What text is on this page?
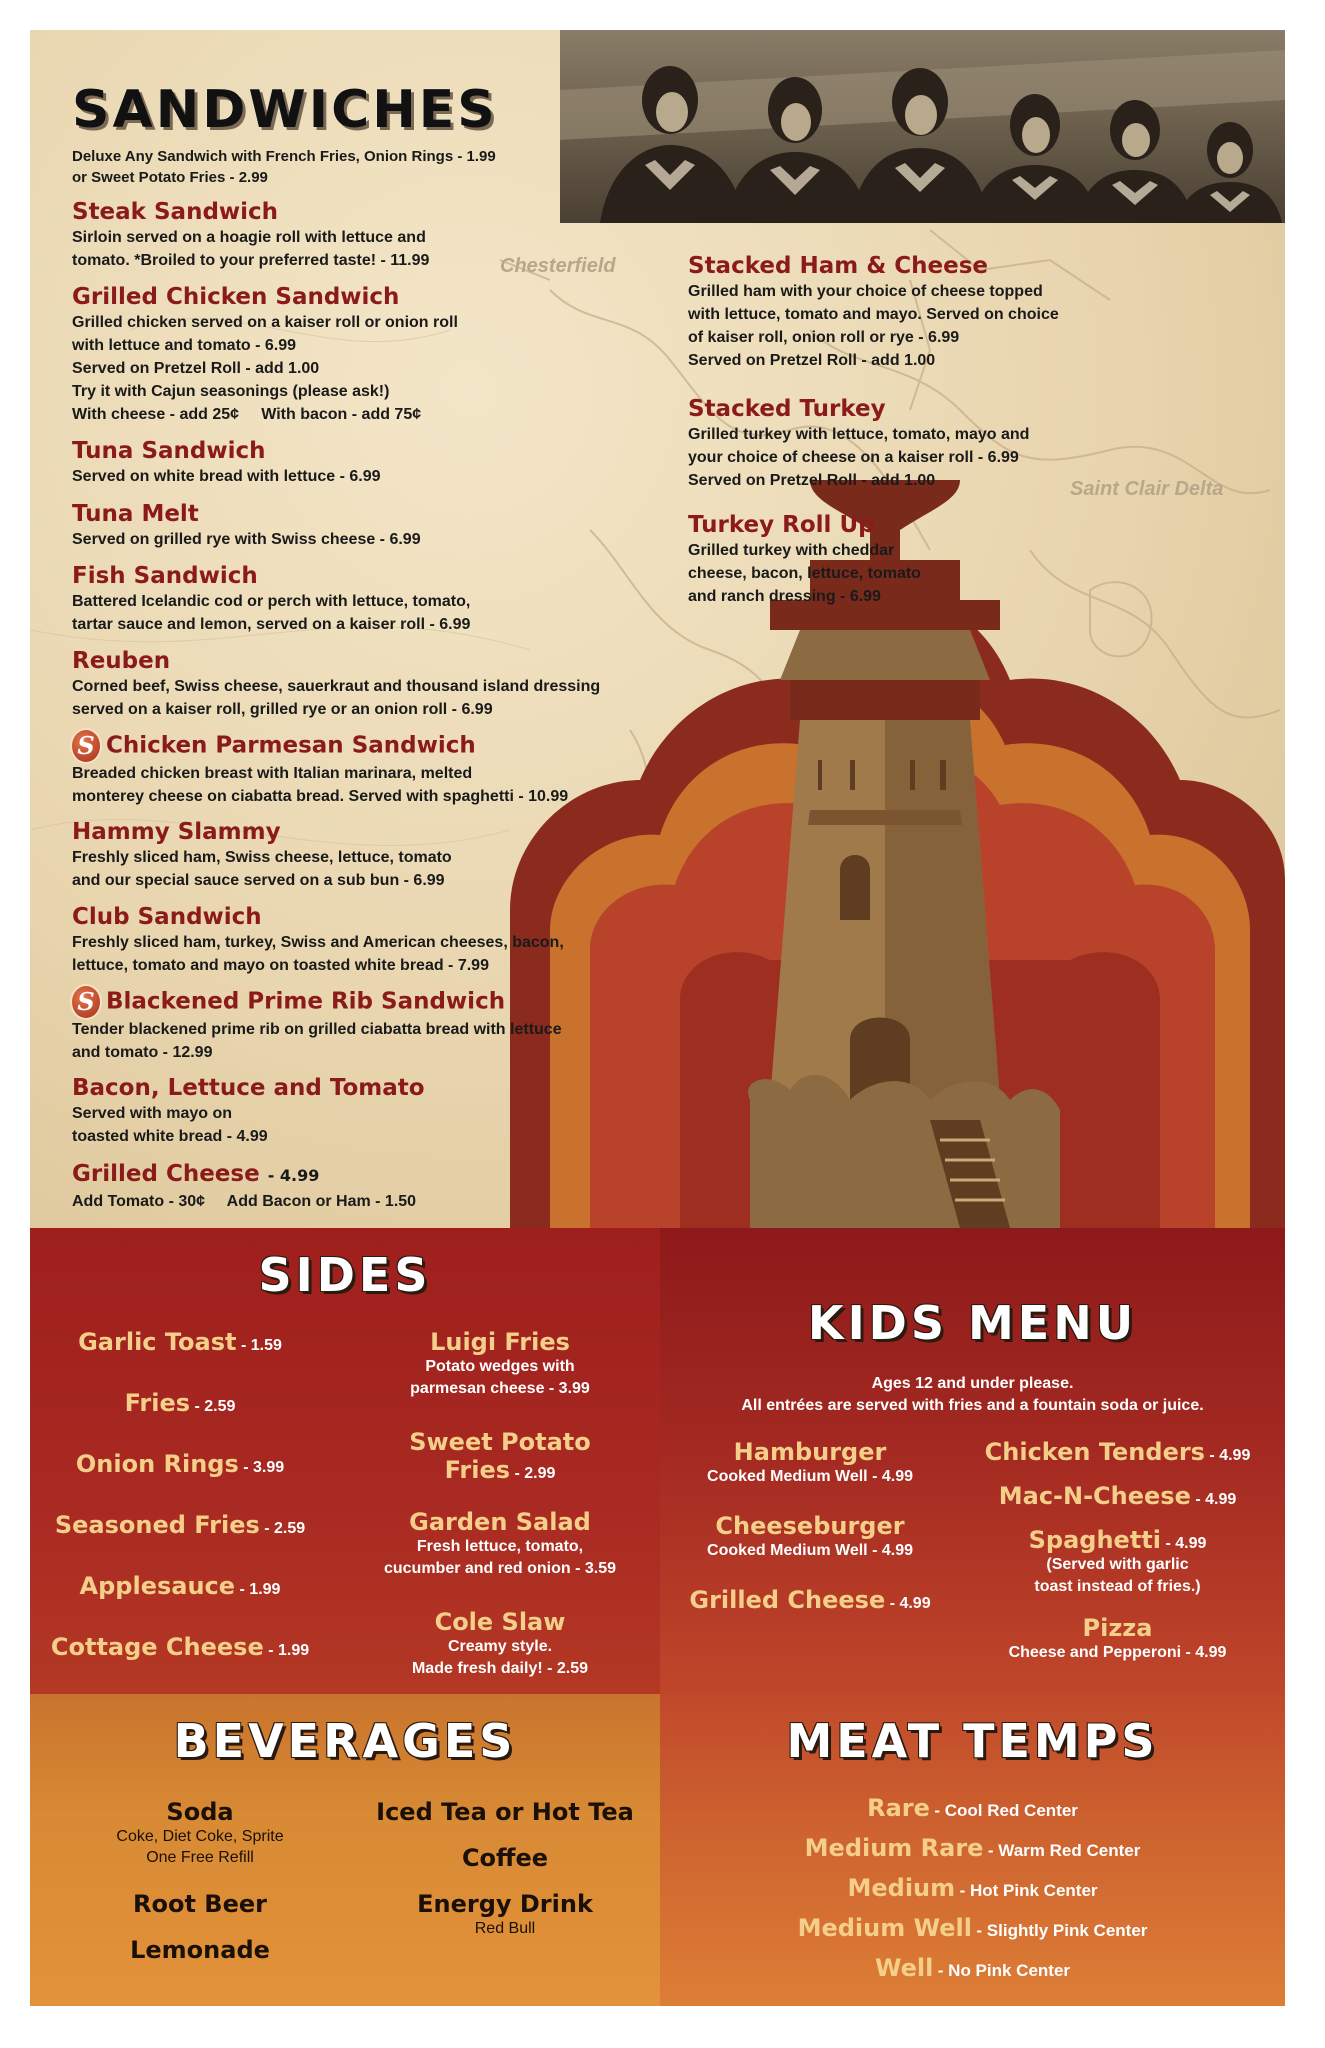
Chesterfield
Saint Clair Delta
SANDWICHES
Deluxe Any Sandwich with French Fries, Onion Rings - 1.99
or Sweet Potato Fries - 2.99
Steak Sandwich
Sirloin served on a hoagie roll with lettuce and
tomato. *Broiled to your preferred taste! - 11.99
Grilled Chicken Sandwich
Grilled chicken served on a kaiser roll or onion roll
with lettuce and tomato - 6.99
Served on Pretzel Roll - add 1.00
Try it with Cajun seasonings (please ask!)
With cheese - add 25¢     With bacon - add 75¢
Tuna Sandwich
Served on white bread with lettuce - 6.99
Tuna Melt
Served on grilled rye with Swiss cheese - 6.99
Fish Sandwich
Battered Icelandic cod or perch with lettuce, tomato,
tartar sauce and lemon, served on a kaiser roll - 6.99
Reuben
Corned beef, Swiss cheese, sauerkraut and thousand island dressing
served on a kaiser roll, grilled rye or an onion roll - 6.99
S Chicken Parmesan Sandwich
Breaded chicken breast with Italian marinara, melted
monterey cheese on ciabatta bread. Served with spaghetti - 10.99
Hammy Slammy
Freshly sliced ham, Swiss cheese, lettuce, tomato
and our special sauce served on a sub bun - 6.99
Club Sandwich
Freshly sliced ham, turkey, Swiss and American cheeses, bacon,
lettuce, tomato and mayo on toasted white bread - 7.99
S Blackened Prime Rib Sandwich
Tender blackened prime rib on grilled ciabatta bread with lettuce
and tomato - 12.99
Bacon, Lettuce and Tomato
Served with mayo on
toasted white bread - 4.99
Grilled Cheese - 4.99
Add Tomato - 30¢     Add Bacon or Ham - 1.50
Stacked Ham & Cheese
Grilled ham with your choice of cheese topped
with lettuce, tomato and mayo. Served on choice
of kaiser roll, onion roll or rye - 6.99
Served on Pretzel Roll - add 1.00
Stacked Turkey
Grilled turkey with lettuce, tomato, mayo and
your choice of cheese on a kaiser roll - 6.99
Served on Pretzel Roll - add 1.00
Turkey Roll Up
Grilled turkey with cheddar
cheese, bacon, lettuce, tomato
and ranch dressing - 6.99
SIDES
Garlic Toast - 1.59
Fries - 2.59
Onion Rings - 3.99
Seasoned Fries - 2.59
Applesauce - 1.99
Cottage Cheese - 1.99
Luigi Fries
Potato wedges with
parmesan cheese - 3.99
Sweet Potato
Fries - 2.99
Garden Salad
Fresh lettuce, tomato,
cucumber and red onion - 3.59
Cole Slaw
Creamy style.
Made fresh daily! - 2.59
KIDS MENU
Ages 12 and under please.
All entrées are served with fries and a fountain soda or juice.
Hamburger
Cooked Medium Well - 4.99
Cheeseburger
Cooked Medium Well - 4.99
Grilled Cheese - 4.99
Chicken Tenders - 4.99
Mac-N-Cheese - 4.99
Spaghetti - 4.99
(Served with garlic
toast instead of fries.)
Pizza
Cheese and Pepperoni - 4.99
BEVERAGES
Soda
Coke, Diet Coke, Sprite
One Free Refill
Root Beer
Lemonade
Iced Tea or Hot Tea
Coffee
Energy Drink
Red Bull
MEAT TEMPS
Rare - Cool Red Center
Medium Rare - Warm Red Center
Medium - Hot Pink Center
Medium Well - Slightly Pink Center
Well - No Pink Center
